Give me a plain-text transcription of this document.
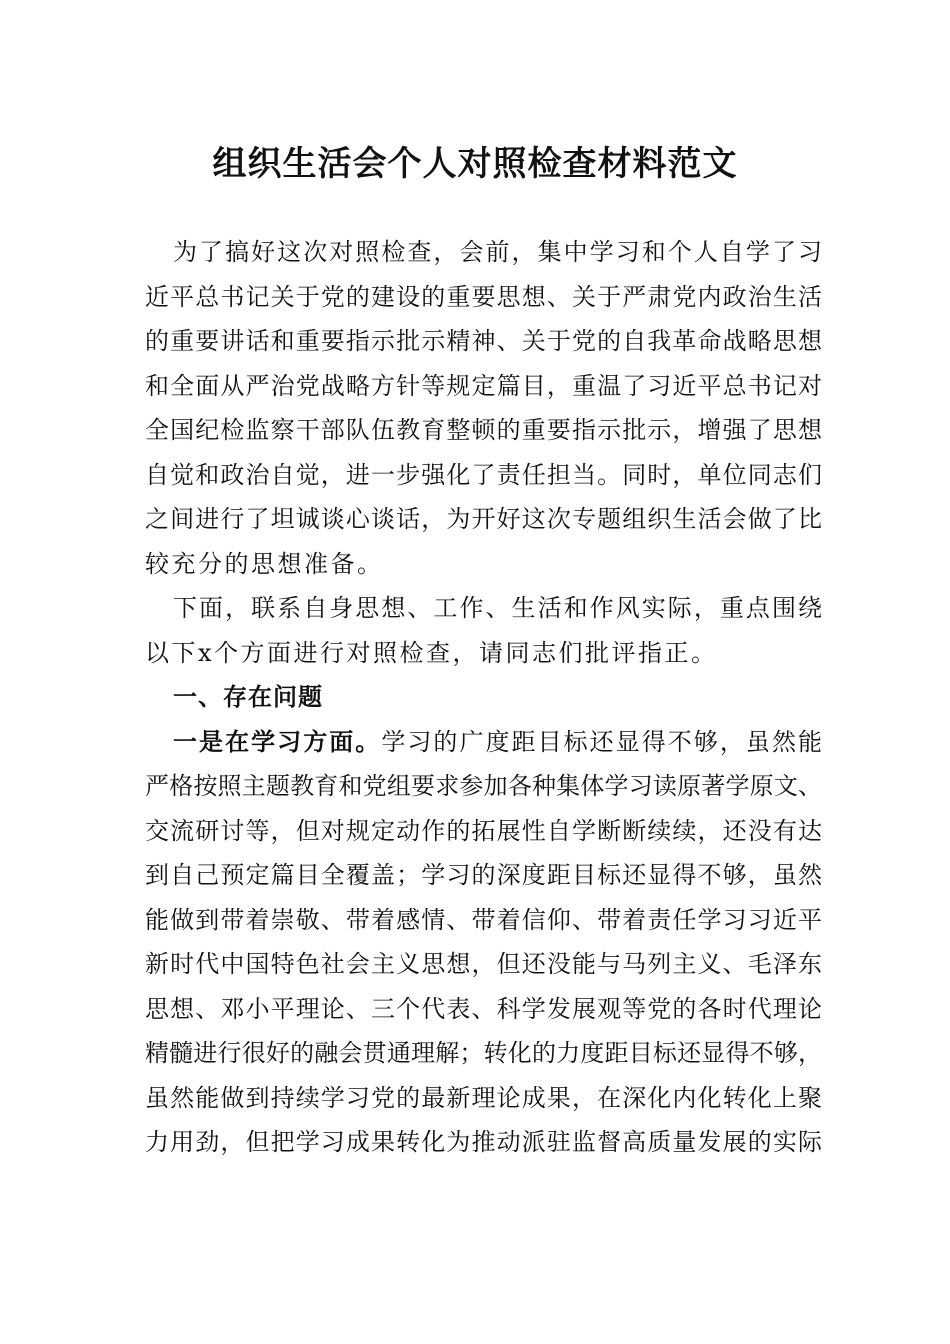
组织生活会个人对照检查材料范文
为了搞好这次对照检查，会前，集中学习和个人自学了习
近平总书记关于党的建设的重要思想、关于严肃党内政治生活
的重要讲话和重要指示批示精神、关于党的自我革命战略思想
和全面从严治党战略方针等规定篇目，重温了习近平总书记对
全国纪检监察干部队伍教育整顿的重要指示批示，增强了思想
自觉和政治自觉，进一步强化了责任担当。同时，单位同志们
之间进行了坦诚谈心谈话，为开好这次专题组织生活会做了比
较充分的思想准备。
下面，联系自身思想、工作、生活和作风实际，重点围绕
以下x个方面进行对照检查，请同志们批评指正。
一、存在问题
一是在学习方面。学习的广度距目标还显得不够，虽然能
严格按照主题教育和党组要求参加各种集体学习读原著学原文、
交流研讨等，但对规定动作的拓展性自学断断续续，还没有达
到自己预定篇目全覆盖；学习的深度距目标还显得不够，虽然
能做到带着崇敬、带着感情、带着信仰、带着责任学习习近平
新时代中国特色社会主义思想，但还没能与马列主义、毛泽东
思想、邓小平理论、三个代表、科学发展观等党的各时代理论
精髓进行很好的融会贯通理解；转化的力度距目标还显得不够，
虽然能做到持续学习党的最新理论成果，在深化内化转化上聚
力用劲，但把学习成果转化为推动派驻监督高质量发展的实际
